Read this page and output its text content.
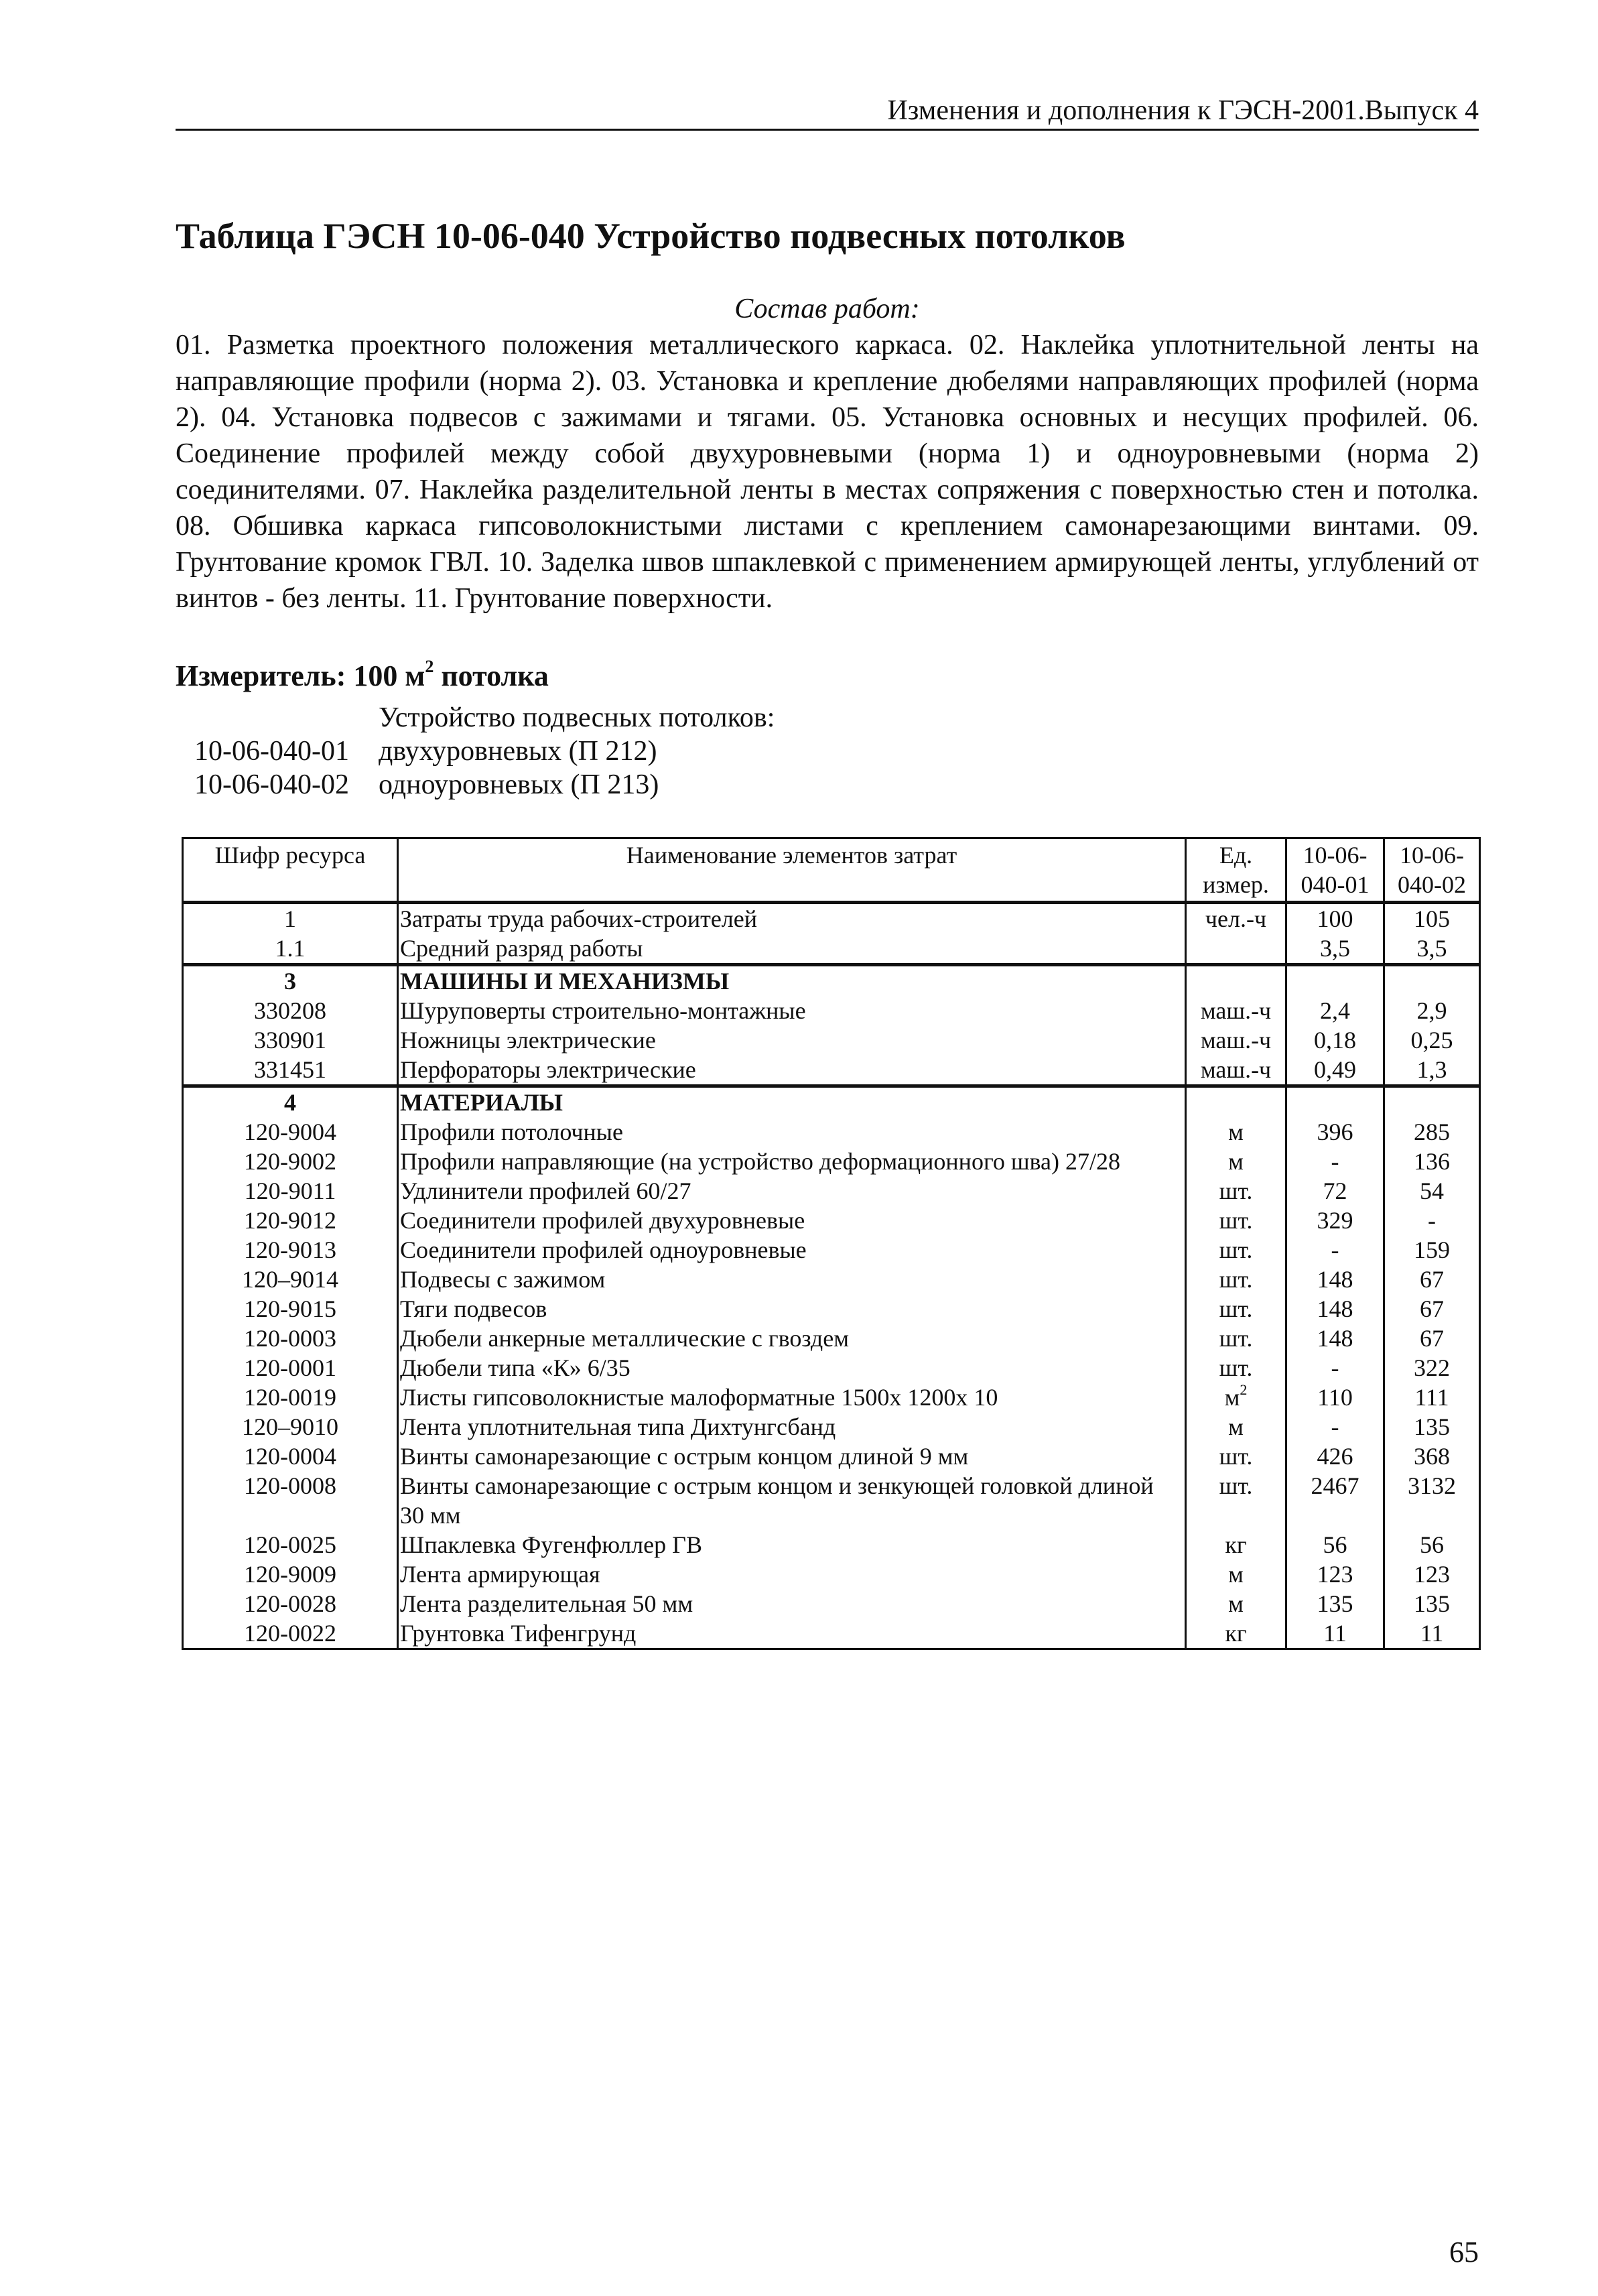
Изменения и дополнения к ГЭСН-2001.Выпуск 4
Таблица ГЭСН 10-06-040 Устройство подвесных потолков
Состав работ:
01. Разметка проектного положения металлического каркаса. 02. Наклейка уплотнительной ленты на направляющие профили (норма 2). 03. Установка и крепление дюбелями направляющих профилей (норма 2). 04. Установка подвесов с зажимами и тягами. 05. Установка основных и несущих профилей. 06. Соединение профилей между собой двухуровневыми (норма 1) и одноуровневыми (норма 2) соединителями. 07. Наклейка разделительной ленты в местах сопряжения с поверхностью стен и потолка. 08. Обшивка каркаса гипсоволокнистыми листами с креплением самонарезающими винтами. 09. Грунтование кромок ГВЛ. 10. Заделка швов шпаклевкой с применением армирующей ленты, углублений от винтов - без ленты. 11. Грунтование поверхности.
Измеритель: 100 $м^2$ потолка
Устройство подвесных потолков:
10-06-040-01 двухуровневых (П 212)
10-06-040-02 одноуровневых (П 213)
Шифр ресурса	Наименование элементов затрат	Ед. измер.	10-06-040-01	10-06-040-02
1	Затраты труда рабочих-строителей	чел.-ч	100	105
1.1	Средний разряд работы		3,5	3,5
3	МАШИНЫ И МЕХАНИЗМЫ			
330208	Шуруповерты строительно-монтажные	маш.-ч	2,4	2,9
330901	Ножницы электрические	маш.-ч	0,18	0,25
331451	Перфораторы электрические	маш.-ч	0,49	1,3
4	МАТЕРИАЛЫ			
120-9004	Профили потолочные	м	396	285
120-9002	Профили направляющие (на устройство деформационного шва) 27/28	м	-	136
120-9011	Удлинители профилей 60/27	шт.	72	54
120-9012	Соединители профилей двухуровневые	шт.	329	-
120-9013	Соединители профилей одноуровневые	шт.	-	159
120–9014	Подвесы с зажимом	шт.	148	67
120-9015	Тяги подвесов	шт.	148	67
120-0003	Дюбели анкерные металлические с гвоздем	шт.	148	67
120-0001	Дюбели типа «К» 6/35	шт.	-	322
120-0019	Листы гипсоволокнистые малоформатные 1500х 1200х 10	$м^2$	110	111
120–9010	Лента уплотнительная типа Дихтунгсбанд	м	-	135
120-0004	Винты самонарезающие с острым концом длиной 9 мм	шт.	426	368
120-0008	Винты самонарезающие с острым концом и зенкующей головкой длиной 30 мм	шт.	2467	3132
120-0025	Шпаклевка Фугенфюллер ГВ	кг	56	56
120-9009	Лента армирующая	м	123	123
120-0028	Лента разделительная 50 мм	м	135	135
120-0022	Грунтовка Тифенгрунд	кг	11	11
65
